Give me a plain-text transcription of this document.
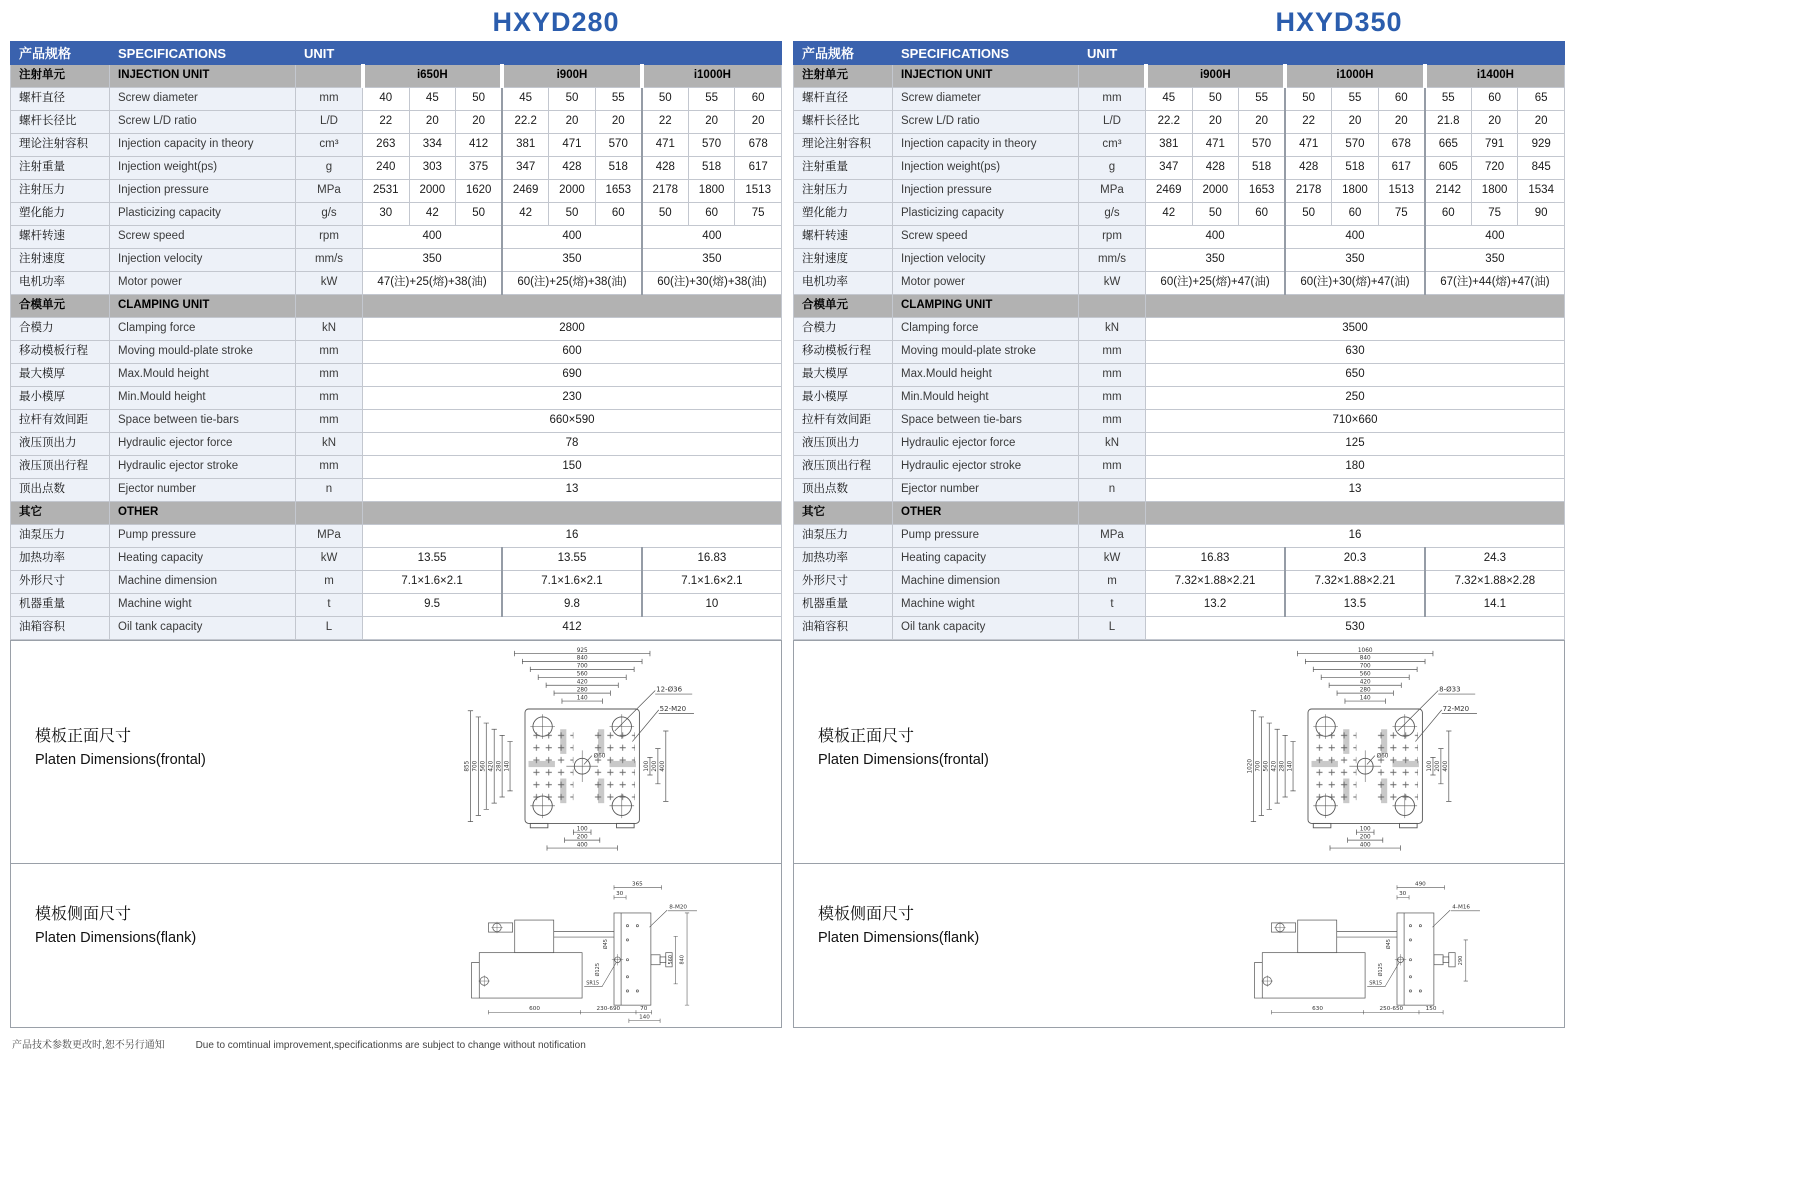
HXYD280
产品规格	SPECIFICATIONS	UNIT									
注射单元	INJECTION UNIT		i650H			i900H			i1000H		
螺杆直径	Screw diameter	mm	40	45	50	45	50	55	50	55	60
螺杆长径比	Screw L/D ratio	L/D	22	20	20	22.2	20	20	22	20	20
理论注射容积	Injection capacity in theory	cm³	263	334	412	381	471	570	471	570	678
注射重量	Injection weight(ps)	g	240	303	375	347	428	518	428	518	617
注射压力	Injection pressure	MPa	2531	2000	1620	2469	2000	1653	2178	1800	1513
塑化能力	Plasticizing capacity	g/s	30	42	50	42	50	60	50	60	75
螺杆转速	Screw speed	rpm	400			400			400		
注射速度	Injection velocity	mm/s	350			350			350		
电机功率	Motor power	kW	47(注)+25(熔)+38(油)			60(注)+25(熔)+38(油)			60(注)+30(熔)+38(油)		
合模单元	CLAMPING UNIT										
合模力	Clamping force	kN	2800								
移动模板行程	Moving mould-plate stroke	mm	600								
最大模厚	Max.Mould height	mm	690								
最小模厚	Min.Mould height	mm	230								
拉杆有效间距	Space between tie-bars	mm	660×590								
液压顶出力	Hydraulic ejector force	kN	78								
液压顶出行程	Hydraulic ejector stroke	mm	150								
顶出点数	Ejector number	n	13								
其它	OTHER										
油泵压力	Pump pressure	MPa	16								
加热功率	Heating capacity	kW	13.55			13.55			16.83		
外形尺寸	Machine dimension	m	7.1×1.6×2.1			7.1×1.6×2.1			7.1×1.6×2.1		
机器重量	Machine wight	t	9.5			9.8			10		
油箱容积	Oil tank capacity	L	412								
模板正面尺寸
Platen Dimensions(frontal)
模板侧面尺寸
Platen Dimensions(flank)
925
840
700
560
420
280
140
855 700 560 420 280 140	100 200 400
100
200
400
Ø60
12-Ø36
52-M20
365
30
8-M20
560 840
Ø45
Ø125
SR15
600	230-690	70
140
HXYD350
产品规格	SPECIFICATIONS	UNIT									
注射单元	INJECTION UNIT		i900H			i1000H			i1400H		
螺杆直径	Screw diameter	mm	45	50	55	50	55	60	55	60	65
螺杆长径比	Screw L/D ratio	L/D	22.2	20	20	22	20	20	21.8	20	20
理论注射容积	Injection capacity in theory	cm³	381	471	570	471	570	678	665	791	929
注射重量	Injection weight(ps)	g	347	428	518	428	518	617	605	720	845
注射压力	Injection pressure	MPa	2469	2000	1653	2178	1800	1513	2142	1800	1534
塑化能力	Plasticizing capacity	g/s	42	50	60	50	60	75	60	75	90
螺杆转速	Screw speed	rpm	400			400			400		
注射速度	Injection velocity	mm/s	350			350			350		
电机功率	Motor power	kW	60(注)+25(熔)+47(油)			60(注)+30(熔)+47(油)			67(注)+44(熔)+47(油)		
合模单元	CLAMPING UNIT										
合模力	Clamping force	kN	3500								
移动模板行程	Moving mould-plate stroke	mm	630								
最大模厚	Max.Mould height	mm	650								
最小模厚	Min.Mould height	mm	250								
拉杆有效间距	Space between tie-bars	mm	710×660								
液压顶出力	Hydraulic ejector force	kN	125								
液压顶出行程	Hydraulic ejector stroke	mm	180								
顶出点数	Ejector number	n	13								
其它	OTHER										
油泵压力	Pump pressure	MPa	16								
加热功率	Heating capacity	kW	16.83			20.3			24.3		
外形尺寸	Machine dimension	m	7.32×1.88×2.21			7.32×1.88×2.21			7.32×1.88×2.28		
机器重量	Machine wight	t	13.2			13.5			14.1		
油箱容积	Oil tank capacity	L	530								
模板正面尺寸
Platen Dimensions(frontal)
模板侧面尺寸
Platen Dimensions(flank)
1060
840
700
560
420
280
140
1020 700 560 420 280 140	100 200 400
100
200
400
Ø60
8-Ø33
72-M20
490
30
4-M16
290
Ø45
Ø125
SR15
630	250-650	150
产品技术参数更改时,恕不另行通知	Due to comtinual improvement,specificationms are subject to change without notification
